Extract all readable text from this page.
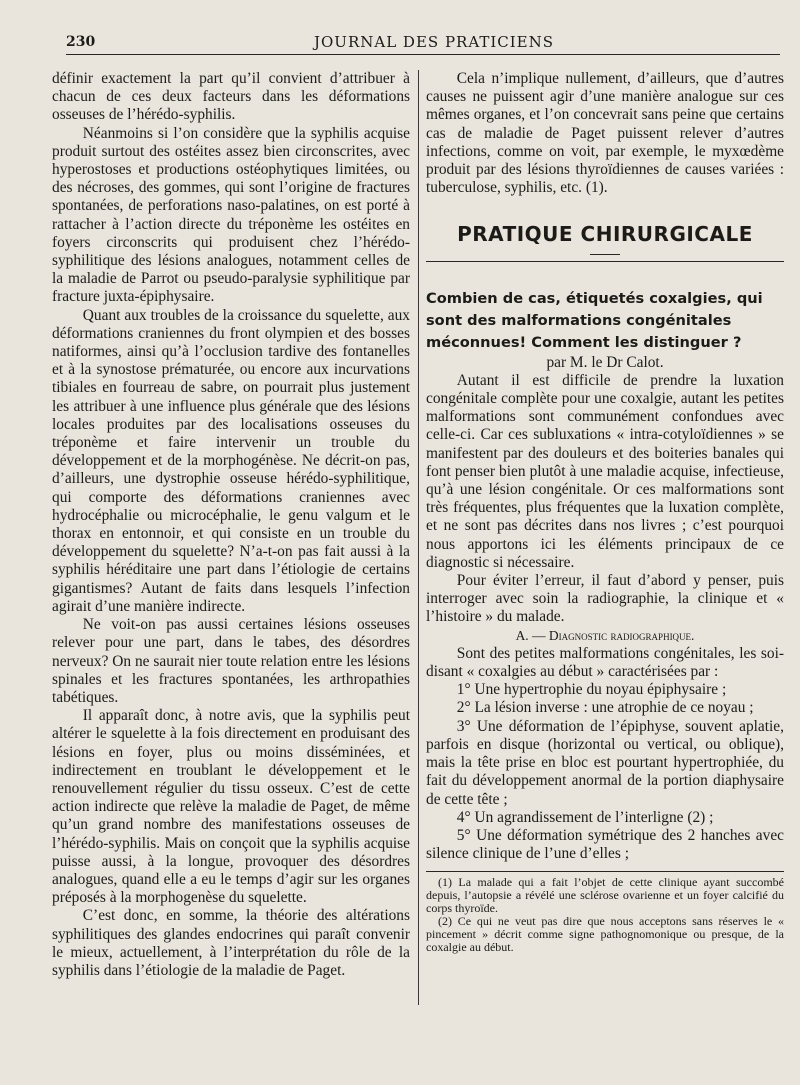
230	JOURNAL DES PRATICIENS

définir exactement la part qu’il convient d’attribuer à chacun de ces deux facteurs dans les déformations osseuses de l’hérédo-syphilis.

Néanmoins si l’on considère que la syphilis acquise produit surtout des ostéites assez bien circonscrites, avec hyperostoses et productions ostéophytiques limitées, ou des nécroses, des gommes, qui sont l’origine de fractures spontanées, de perforations naso-palatines, on est porté à rattacher à l’action directe du tréponème les ostéites en foyers circonscrits qui produisent chez l’hérédo-syphilitique des lésions analogues, notamment celles de la maladie de Parrot ou pseudo-paralysie syphilitique par fracture juxta-épiphysaire.

Quant aux troubles de la croissance du squelette, aux déformations craniennes du front olympien et des bosses natiformes, ainsi qu’à l’occlusion tardive des fontanelles et à la synostose prématurée, ou encore aux incurvations tibiales en fourreau de sabre, on pourrait plus justement les attribuer à une influence plus générale que des lésions locales produites par des localisations osseuses du tréponème et faire intervenir un trouble du développement et de la morphogénèse. Ne décrit-on pas, d’ailleurs, une dystrophie osseuse hérédo-syphilitique, qui comporte des déformations craniennes avec hydrocéphalie ou microcéphalie, le genu valgum et le thorax en entonnoir, et qui consiste en un trouble du développement du squelette? N’a-t-on pas fait aussi à la syphilis héréditaire une part dans l’étiologie de certains gigantismes? Autant de faits dans lesquels l’infection agirait d’une manière indirecte.

Ne voit-on pas aussi certaines lésions osseuses relever pour une part, dans le tabes, des désordres nerveux? On ne saurait nier toute relation entre les lésions spinales et les fractures spontanées, les arthropathies tabétiques.

Il apparaît donc, à notre avis, que la syphilis peut altérer le squelette à la fois directement en produisant des lésions en foyer, plus ou moins disséminées, et indirectement en troublant le développement et le renouvellement régulier du tissu osseux. C’est de cette action indirecte que relève la maladie de Paget, de même qu’un grand nombre des manifestations osseuses de l’hérédo-syphilis. Mais on conçoit que la syphilis acquise puisse aussi, à la longue, provoquer des désordres analogues, quand elle a eu le temps d’agir sur les organes préposés à la morphogenèse du squelette.

C’est donc, en somme, la théorie des altérations syphilitiques des glandes endocrines qui paraît convenir le mieux, actuellement, à l’interprétation du rôle de la syphilis dans l’étiologie de la maladie de Paget.

Cela n’implique nullement, d’ailleurs, que d’autres causes ne puissent agir d’une manière analogue sur ces mêmes organes, et l’on concevrait sans peine que certains cas de maladie de Paget puissent relever d’autres infections, comme on voit, par exemple, le myxœdème produit par des lésions thyroïdiennes de causes variées : tuberculose, syphilis, etc. (1).

PRATIQUE CHIRURGICALE
Combien de cas, étiquetés coxalgies, qui sont des malformations congénitales méconnues! Comment les distinguer ?

par M. le Dr Calot.

Autant il est difficile de prendre la luxation congénitale complète pour une coxalgie, autant les petites malformations sont communément confondues avec celle-ci. Car ces subluxations « intra-cotyloïdiennes » se manifestent par des douleurs et des boiteries banales qui font penser bien plutôt à une maladie acquise, infectieuse, qu’à une lésion congénitale. Or ces malformations sont très fréquentes, plus fréquentes que la luxation complète, et ne sont pas décrites dans nos livres ; c’est pourquoi nous apportons ici les éléments principaux de ce diagnostic si nécessaire.

Pour éviter l’erreur, il faut d’abord y penser, puis interroger avec soin la radiographie, la clinique et « l’histoire » du malade.

A. — Diagnostic radiographique.

Sont des petites malformations congénitales, les soi-disant « coxalgies au début » caractérisées par :

1° Une hypertrophie du noyau épiphysaire ;

2° La lésion inverse : une atrophie de ce noyau ;

3° Une déformation de l’épiphyse, souvent aplatie, parfois en disque (horizontal ou vertical, ou oblique), mais la tête prise en bloc est pourtant hypertrophiée, du fait du développement anormal de la portion diaphysaire de cette tête ;

4° Un agrandissement de l’interligne (2) ;

5° Une déformation symétrique des 2 hanches avec silence clinique de l’une d’elles ;

(1) La malade qui a fait l’objet de cette clinique ayant succombé depuis, l’autopsie a révélé une sclérose ovarienne et un foyer calcifié du corps thyroïde.

(2) Ce qui ne veut pas dire que nous acceptons sans réserves le « pincement » décrit comme signe pathognomonique ou presque, de la coxalgie au début.
